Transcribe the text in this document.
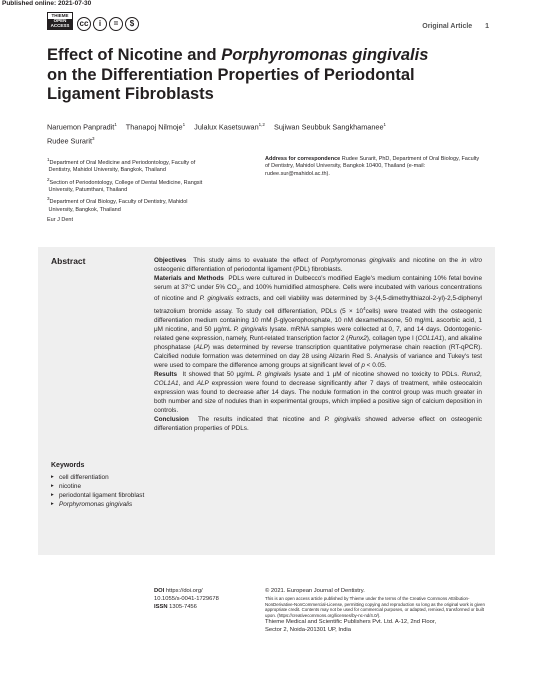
Published online: 2021-07-30
THIEME
OPEN
ACCESS	cc	i	=	$	Original Article 1
Effect of Nicotine and Porphyromonas gingivalis
on the Differentiation Properties of Periodontal
Ligament Fibroblasts
Naruemon Panpradit$^1$ Thanapoj Nilmoje$^1$ Julalux Kasetsuwan$^{1,2}$ Sujiwan Seubbuk Sangkhamanee$^1$
Rudee Surarit$^3$

$^1$Department of Oral Medicine and Periodontology, Faculty of
Dentistry, Mahidol University, Bangkok, Thailand

$^2$Section of Periodontology, College of Dental Medicine, Rangsit
University, Patumthani, Thailand

$^3$Department of Oral Biology, Faculty of Dentistry, Mahidol
University, Bangkok, Thailand

Address for correspondence Rudee Surarit, PhD, Department of Oral Biology, Faculty of Dentistry, Mahidol University, Bangkok 10400, Thailand (e-mail: rudee.sur@mahidol.ac.th).
Eur J Dent
Abstract	Objectives This study aims to evaluate the effect of Porphyromonas gingivalis and nicotine on the in vitro osteogenic differentiation of periodontal ligament (PDL) fibroblasts.

Materials and Methods PDLs were cultured in Dulbecco's modified Eagle's medium containing 10% fetal bovine serum at 37°C under 5% $CO_2$, and 100% humidified atmosphere. Cells were incubated with various concentrations of nicotine and P. gingivalis extracts, and cell viability was determined by 3-(4,5-dimethylthiazol-2-yl)-2,5-diphenyl tetrazolium bromide assay. To study cell differentiation, PDLs $(5 \times 10^4cells)$ were treated with the osteogenic differentiation medium containing 10 mM β-glycerophosphate, 10 nM dexamethasone, 50 mg/mL ascorbic acid, 1 μM nicotine, and 50 μg/mL P. gingivalis lysate. mRNA samples were collected at 0, 7, and 14 days. Odontogenic-related gene expression, namely, Runt-related transcription factor 2 (Runx2), collagen type I (COL1A1), and alkaline phosphatase (ALP) was determined by reverse transcription quantitative polymerase chain reaction (RT-qPCR). Calcified nodule formation was determined on day 28 using Alizarin Red S. Analysis of variance and Tukey's test were used to compare the difference among groups at significant level of p < 0.05.

Results It showed that 50 μg/mL P. gingivalis lysate and 1 μM of nicotine showed no toxicity to PDLs. Runx2, COL1A1, and ALP expression were found to decrease significantly after 7 days of treatment, while osteocalcin expression was found to decrease after 14 days. The nodule formation in the control group was much greater in both number and size of nodules than in experimental groups, which implied a positive sign of calcium deposition in controls.

Conclusion The results indicated that nicotine and P. gingivalis showed adverse effect on osteogenic differentiation properties of PDLs.

Keywords
▸ cell differentiation
▸ nicotine
▸ periodontal ligament fibroblast
▸ Porphyromonas gingivalis
DOI https://doi.org/
10.1055/s-0041-1729678
ISSN 1305-7456
© 2021. European Journal of Dentistry.
This is an open access article published by Thieme under the terms of the Creative Commons Attribution-NonDerivative-NonCommercial-License, permitting copying and reproduction so long as the original work is given appropriate credit. Contents may not be used for commercial purposes, or adapted, remixed, transformed or built upon. (https://creativecommons.org/licenses/by-nc-nd/4.0/).
Thieme Medical and Scientific Publishers Pvt. Ltd. A-12, 2nd Floor,
Sector 2, Noida-201301 UP, India
